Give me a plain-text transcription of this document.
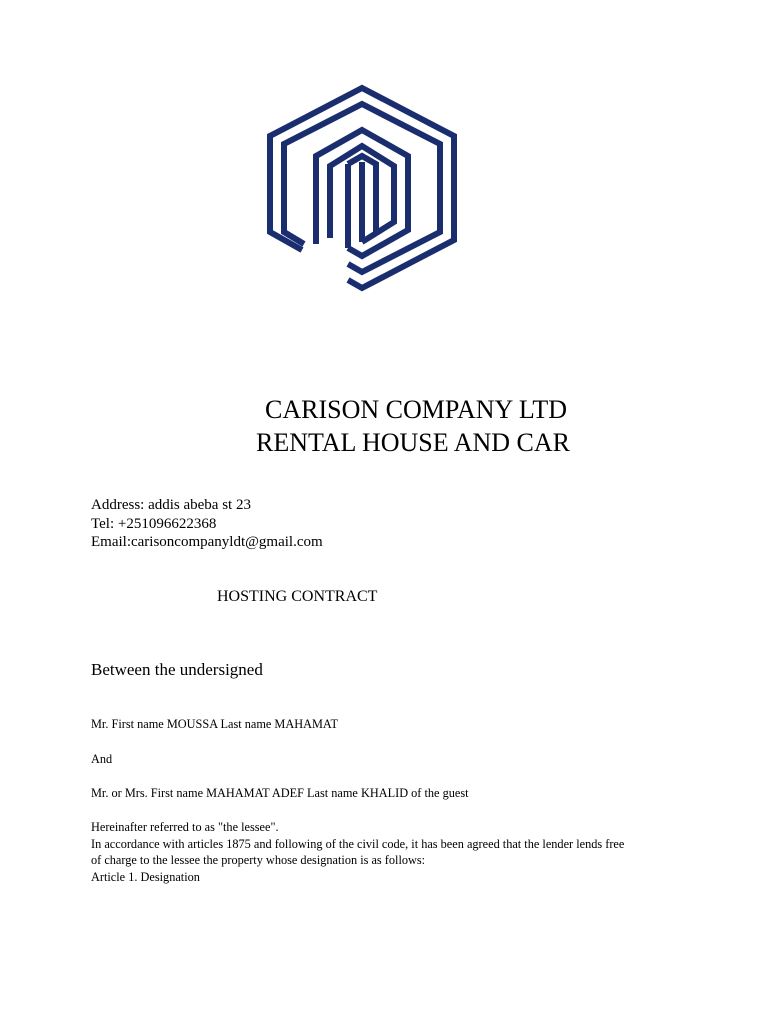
CARISON COMPANY LTD
RENTAL HOUSE AND CAR
Address: addis abeba st 23
Tel: +251096622368
Email:carisoncompanyldt@gmail.com
HOSTING CONTRACT
Between the undersigned
Mr. First name MOUSSA Last name MAHAMAT
And
Mr. or Mrs. First name MAHAMAT ADEF Last name KHALID of the guest
Hereinafter referred to as "the lessee".
In accordance with articles 1875 and following of the civil code, it has been agreed that the lender lends free
of charge to the lessee the property whose designation is as follows:
Article 1. Designation
